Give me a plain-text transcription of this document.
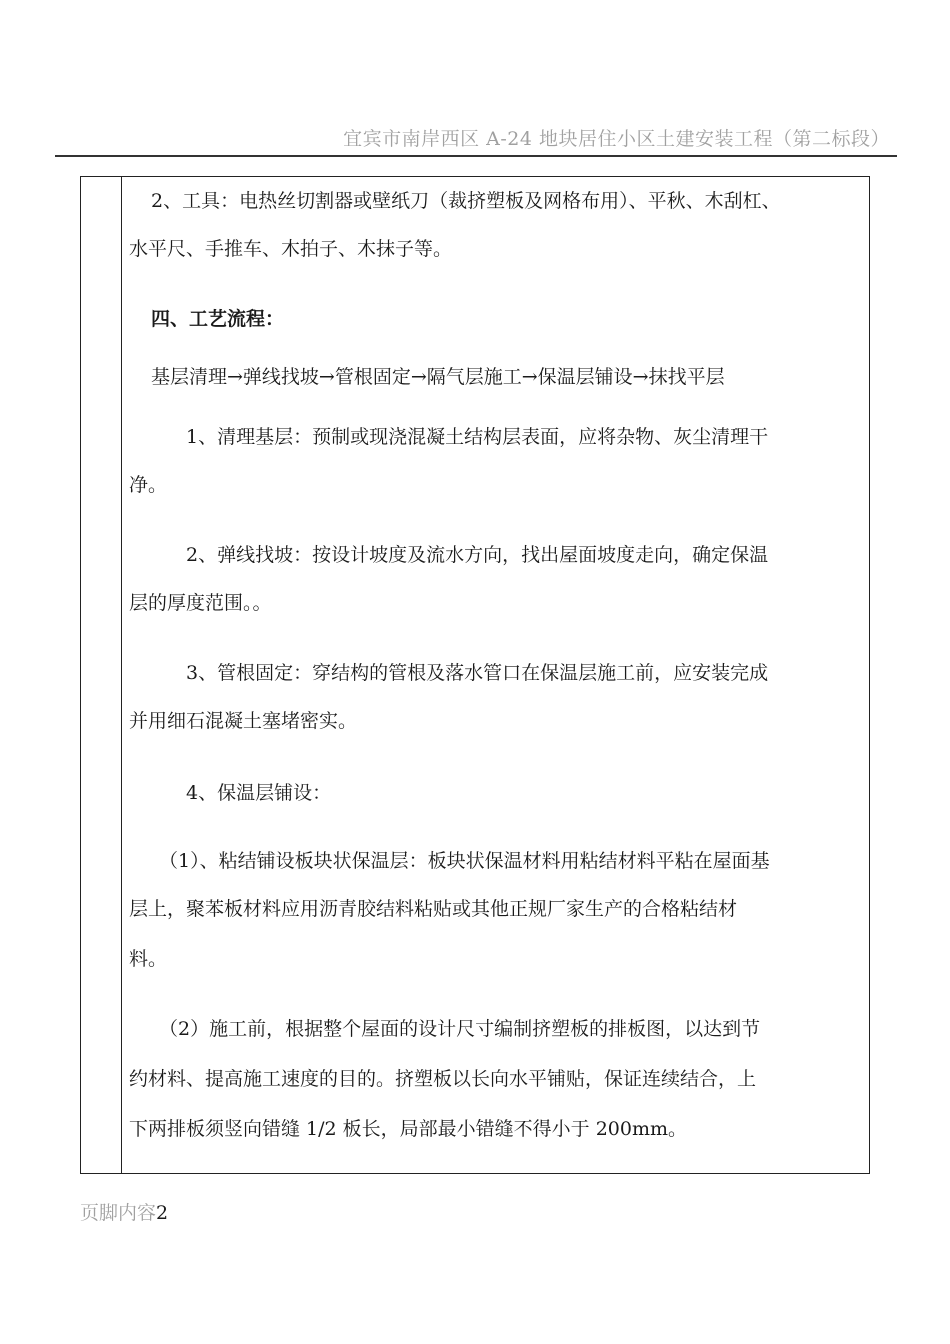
宜宾市南岸西区 A-24 地块居住小区土建安装工程（第二标段）
2、工具：电热丝切割器或壁纸刀（裁挤塑板及网格布用）、平秋、木刮杠、
水平尺、手推车、木拍子、木抹子等。
四、工艺流程：
基层清理→弹线找坡→管根固定→隔气层施工→保温层铺设→抹找平层
1、清理基层：预制或现浇混凝土结构层表面，应将杂物、灰尘清理干
净。
2、弹线找坡：按设计坡度及流水方向，找出屋面坡度走向，确定保温
层的厚度范围。。
3、管根固定：穿结构的管根及落水管口在保温层施工前，应安装完成
并用细石混凝土塞堵密实。
4、保温层铺设：
（1）、粘结铺设板块状保温层：板块状保温材料用粘结材料平粘在屋面基
层上，聚苯板材料应用沥青胶结料粘贴或其他正规厂家生产的合格粘结材
料。
（2）施工前，根据整个屋面的设计尺寸编制挤塑板的排板图，以达到节
约材料、提高施工速度的目的。挤塑板以长向水平铺贴，保证连续结合，上
下两排板须竖向错缝 1/2 板长，局部最小错缝不得小于 200mm。
页脚内容2
